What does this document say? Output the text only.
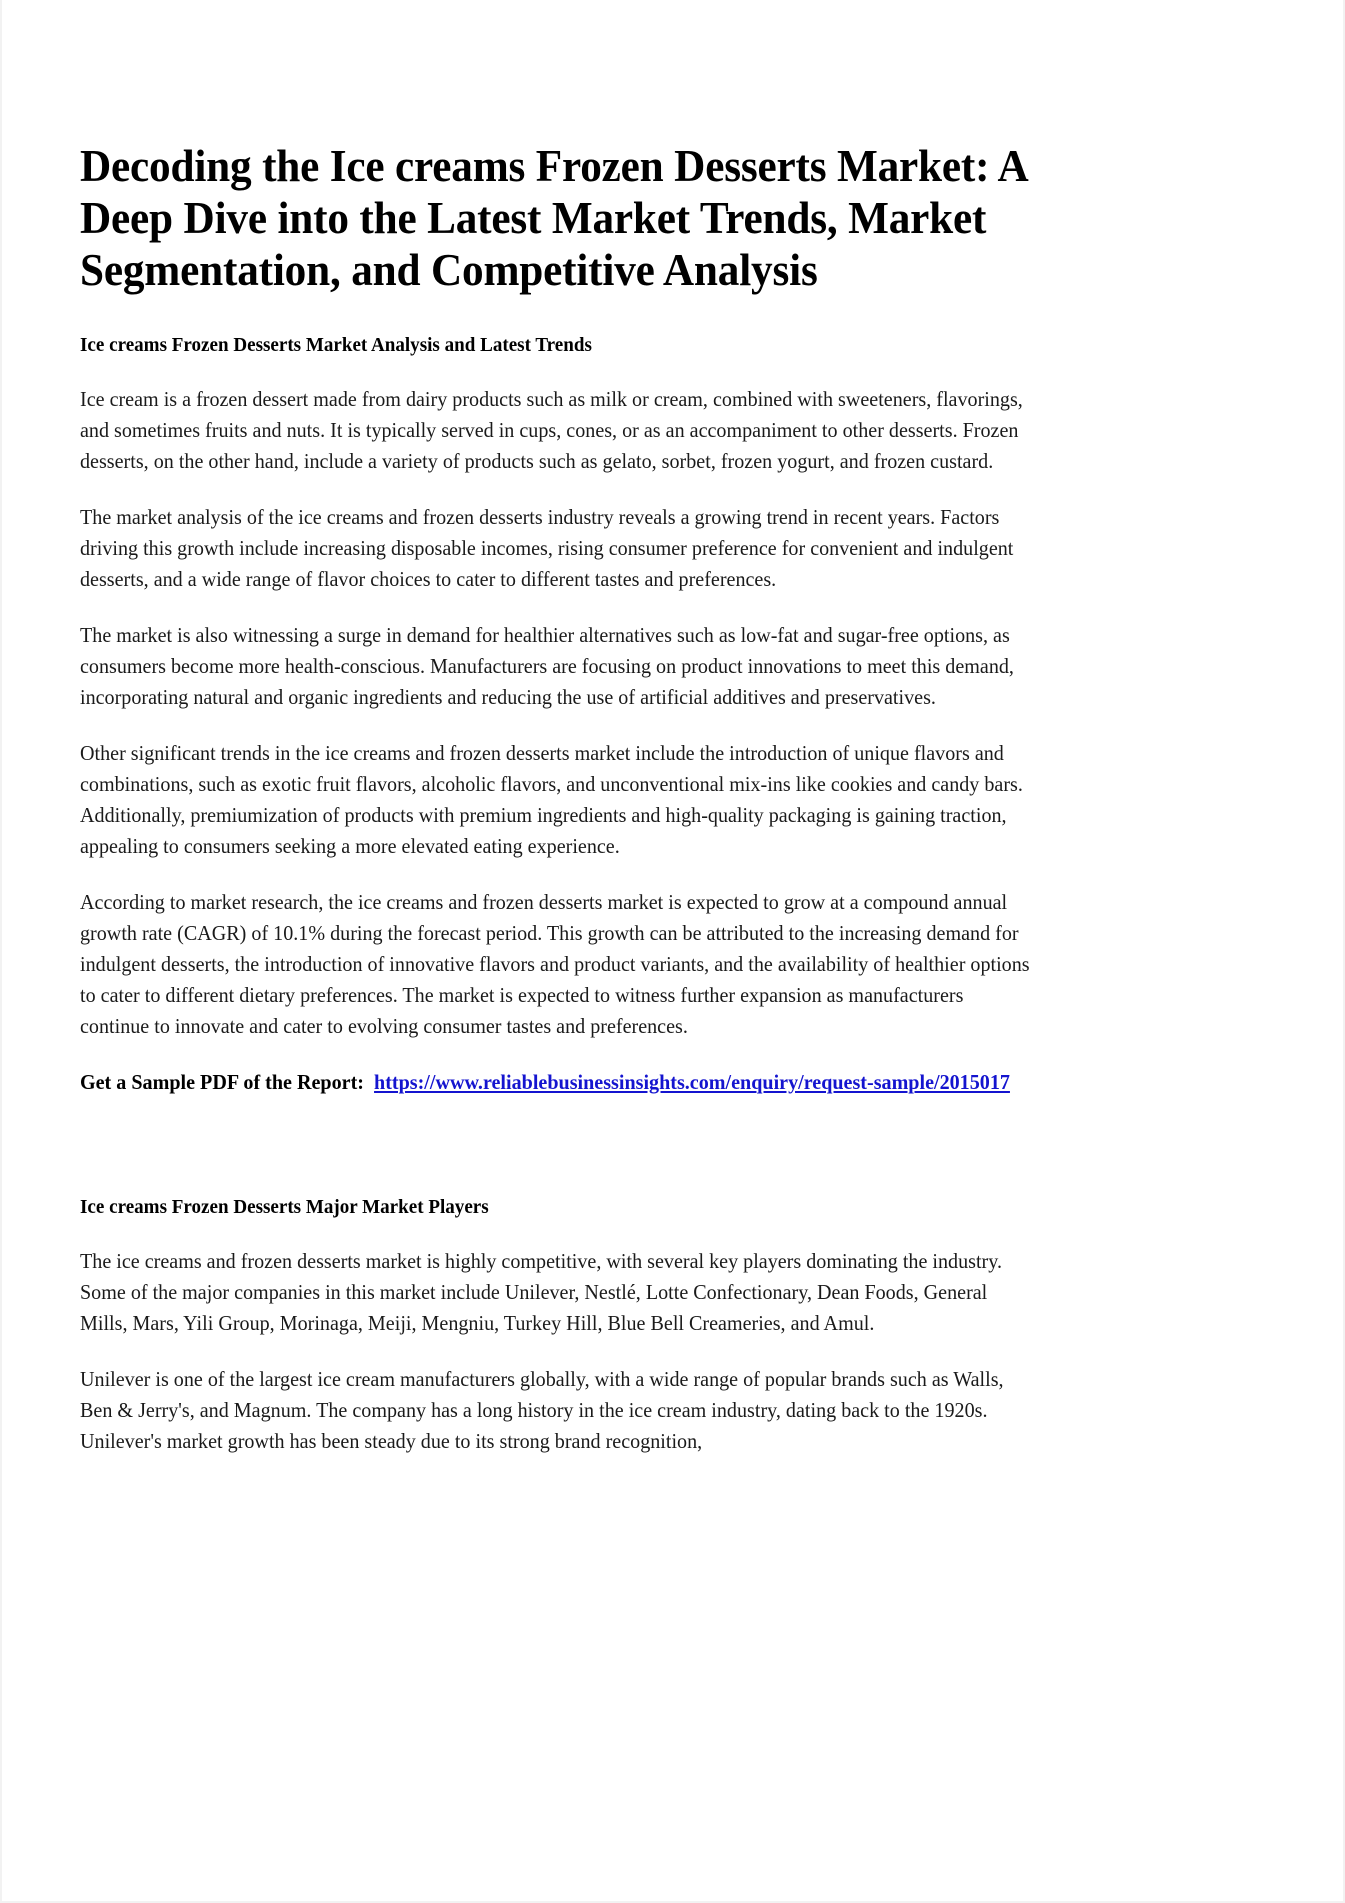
Decoding the Ice creams Frozen Desserts Market: A Deep Dive into the Latest Market Trends, Market Segmentation, and Competitive Analysis
Ice creams Frozen Desserts Market Analysis and Latest Trends

Ice cream is a frozen dessert made from dairy products such as milk or cream, combined with sweeteners, flavorings, and sometimes fruits and nuts. It is typically served in cups, cones, or as an accompaniment to other desserts. Frozen desserts, on the other hand, include a variety of products such as gelato, sorbet, frozen yogurt, and frozen custard.

The market analysis of the ice creams and frozen desserts industry reveals a growing trend in recent years. Factors driving this growth include increasing disposable incomes, rising consumer preference for convenient and indulgent desserts, and a wide range of flavor choices to cater to different tastes and preferences.

The market is also witnessing a surge in demand for healthier alternatives such as low-fat and sugar-free options, as consumers become more health-conscious. Manufacturers are focusing on product innovations to meet this demand, incorporating natural and organic ingredients and reducing the use of artificial additives and preservatives.

Other significant trends in the ice creams and frozen desserts market include the introduction of unique flavors and combinations, such as exotic fruit flavors, alcoholic flavors, and unconventional mix-ins like cookies and candy bars. Additionally, premiumization of products with premium ingredients and high-quality packaging is gaining traction, appealing to consumers seeking a more elevated eating experience.

According to market research, the ice creams and frozen desserts market is expected to grow at a compound annual growth rate (CAGR) of 10.1% during the forecast period. This growth can be attributed to the increasing demand for indulgent desserts, the introduction of innovative flavors and product variants, and the availability of healthier options to cater to different dietary preferences. The market is expected to witness further expansion as manufacturers continue to innovate and cater to evolving consumer tastes and preferences.

Get a Sample PDF of the Report: https://www.reliablebusinessinsights.com/enquiry/request-sample/2015017

Ice creams Frozen Desserts Major Market Players

The ice creams and frozen desserts market is highly competitive, with several key players dominating the industry. Some of the major companies in this market include Unilever, Nestlé, Lotte Confectionary, Dean Foods, General Mills, Mars, Yili Group, Morinaga, Meiji, Mengniu, Turkey Hill, Blue Bell Creameries, and Amul.

Unilever is one of the largest ice cream manufacturers globally, with a wide range of popular brands such as Walls, Ben & Jerry's, and Magnum. The company has a long history in the ice cream industry, dating back to the 1920s. Unilever's market growth has been steady due to its strong brand recognition,
